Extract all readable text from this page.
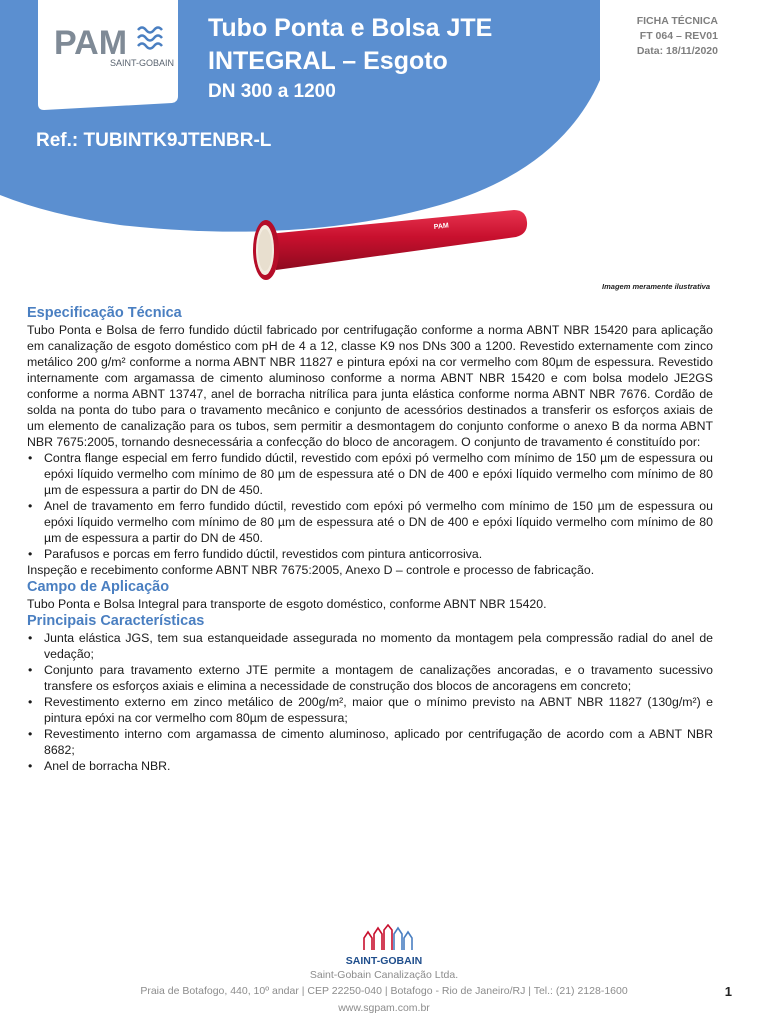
PAM
SAINT-GOBAIN
Tubo Ponta e Bolsa JTE
INTEGRAL – Esgoto
DN 300 a 1200
Ref.: TUBINTK9JTENBR-L
FICHA TÉCNICA
FT 064 – REV01
Data: 18/11/2020
PAM
Imagem meramente ilustrativa
Especificação Técnica

Tubo Ponta e Bolsa de ferro fundido dúctil fabricado por centrifugação conforme a norma ABNT NBR 15420 para aplicação em canalização de esgoto doméstico com pH de 4 a 12, classe K9 nos DNs 300 a 1200. Revestido externamente com zinco metálico 200 g/m² conforme a norma ABNT NBR 11827 e pintura epóxi na cor vermelho com 80µm de espessura. Revestido internamente com argamassa de cimento aluminoso conforme a norma ABNT NBR 15420 e com bolsa modelo JE2GS conforme a norma ABNT 13747, anel de borracha nitrílica para junta elástica conforme norma ABNT NBR 7676. Cordão de solda na ponta do tubo para o travamento mecânico e conjunto de acessórios destinados a transferir os esforços axiais de um elemento de canalização para os tubos, sem permitir a desmontagem do conjunto conforme o anexo B da norma ABNT NBR 7675:2005, tornando desnecessária a confecção do bloco de ancoragem. O conjunto de travamento é constituído por:

• Contra flange especial em ferro fundido dúctil, revestido com epóxi pó vermelho com mínimo de 150 µm de espessura ou epóxi líquido vermelho com mínimo de 80 µm de espessura até o DN de 400 e epóxi líquido vermelho com mínimo de 80 µm de espessura a partir do DN de 450.
• Anel de travamento em ferro fundido dúctil, revestido com epóxi pó vermelho com mínimo de 150 µm de espessura ou epóxi líquido vermelho com mínimo de 80 µm de espessura até o DN de 400 e epóxi líquido vermelho com mínimo de 80 µm de espessura a partir do DN de 450.
• Parafusos e porcas em ferro fundido dúctil, revestidos com pintura anticorrosiva.

Inspeção e recebimento conforme ABNT NBR 7675:2005, Anexo D – controle e processo de fabricação.

Campo de Aplicação

Tubo Ponta e Bolsa Integral para transporte de esgoto doméstico, conforme ABNT NBR 15420.

Principais Características
• Junta elástica JGS, tem sua estanqueidade assegurada no momento da montagem pela compressão radial do anel de vedação;
• Conjunto para travamento externo JTE permite a montagem de canalizações ancoradas, e o travamento sucessivo transfere os esforços axiais e elimina a necessidade de construção dos blocos de ancoragens em concreto;
• Revestimento externo em zinco metálico de 200g/m², maior que o mínimo previsto na ABNT NBR 11827 (130g/m²) e pintura epóxi na cor vermelho com 80µm de espessura;
• Revestimento interno com argamassa de cimento aluminoso, aplicado por centrifugação de acordo com a ABNT NBR 8682;
• Anel de borracha NBR.
SAINT-GOBAIN
Saint-Gobain Canalização Ltda.
Praia de Botafogo, 440, 10º andar | CEP 22250-040 | Botafogo - Rio de Janeiro/RJ | Tel.: (21) 2128-1600
www.sgpam.com.br
1
